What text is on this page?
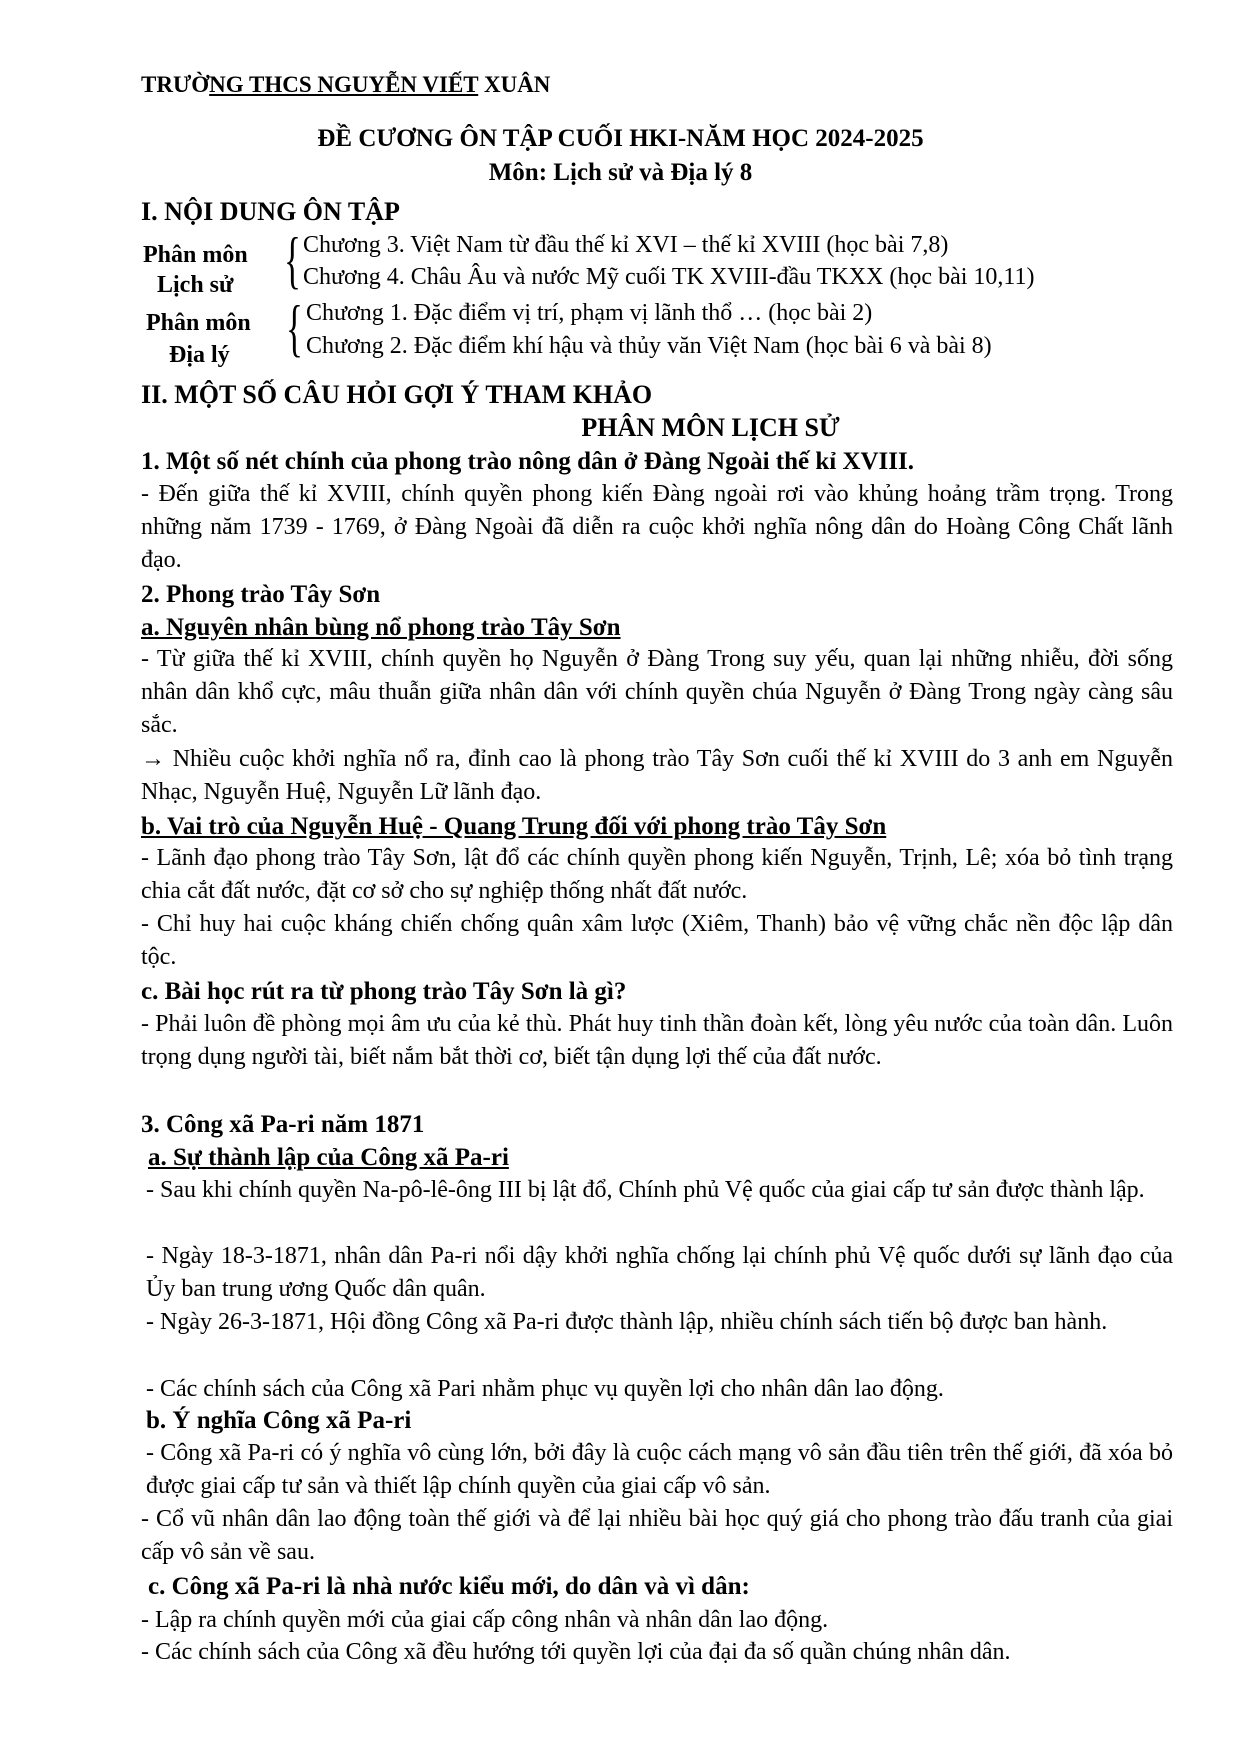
TRƯỜNG THCS NGUYỄN VIẾT XUÂN
ĐỀ CƯƠNG ÔN TẬP CUỐI HKI-NĂM HỌC 2024-2025
Môn: Lịch sử và Địa lý 8
I. NỘI DUNG ÔN TẬP
Phân môn
Lịch sử { Chương 3. Việt Nam từ đầu thế kỉ XVI – thế kỉ XVIII (học bài 7,8)
Chương 4. Châu Âu và nước Mỹ cuối TK XVIII-đầu TKXX (học bài 10,11)
Phân môn
Địa lý { Chương 1. Đặc điểm vị trí, phạm vị lãnh thổ … (học bài 2)
Chương 2. Đặc điểm khí hậu và thủy văn Việt Nam (học bài 6 và bài 8)
II. MỘT SỐ CÂU HỎI GỢI Ý THAM KHẢO
PHÂN MÔN LỊCH SỬ
1. Một số nét chính của phong trào nông dân ở Đàng Ngoài thế kỉ XVIII.
- Đến giữa thế kỉ XVIII, chính quyền phong kiến Đàng ngoài rơi vào khủng hoảng trầm trọng. Trong những năm 1739 - 1769, ở Đàng Ngoài đã diễn ra cuộc khởi nghĩa nông dân do Hoàng Công Chất lãnh đạo.
2. Phong trào Tây Sơn
a. Nguyên nhân bùng nổ phong trào Tây Sơn
- Từ giữa thế kỉ XVIII, chính quyền họ Nguyễn ở Đàng Trong suy yếu, quan lại những nhiễu, đời sống nhân dân khổ cực, mâu thuẫn giữa nhân dân với chính quyền chúa Nguyễn ở Đàng Trong ngày càng sâu sắc.
→ Nhiều cuộc khởi nghĩa nổ ra, đỉnh cao là phong trào Tây Sơn cuối thế kỉ XVIII do 3 anh em Nguyễn Nhạc, Nguyễn Huệ, Nguyễn Lữ lãnh đạo.
b. Vai trò của Nguyễn Huệ - Quang Trung đối với phong trào Tây Sơn
- Lãnh đạo phong trào Tây Sơn, lật đổ các chính quyền phong kiến Nguyễn, Trịnh, Lê; xóa bỏ tình trạng chia cắt đất nước, đặt cơ sở cho sự nghiệp thống nhất đất nước.
- Chỉ huy hai cuộc kháng chiến chống quân xâm lược (Xiêm, Thanh) bảo vệ vững chắc nền độc lập dân tộc.
c. Bài học rút ra từ phong trào Tây Sơn là gì?
- Phải luôn đề phòng mọi âm ưu của kẻ thù. Phát huy tinh thần đoàn kết, lòng yêu nước của toàn dân. Luôn trọng dụng người tài, biết nắm bắt thời cơ, biết tận dụng lợi thế của đất nước.
3. Công xã Pa-ri năm 1871
a. Sự thành lập của Công xã Pa-ri
- Sau khi chính quyền Na-pô-lê-ông III bị lật đổ, Chính phủ Vệ quốc của giai cấp tư sản được thành lập.
- Ngày 18-3-1871, nhân dân Pa-ri nổi dậy khởi nghĩa chống lại chính phủ Vệ quốc dưới sự lãnh đạo của Ủy ban trung ương Quốc dân quân.
- Ngày 26-3-1871, Hội đồng Công xã Pa-ri được thành lập, nhiều chính sách tiến bộ được ban hành.
- Các chính sách của Công xã Pari nhằm phục vụ quyền lợi cho nhân dân lao động.
b. Ý nghĩa Công xã Pa-ri
- Công xã Pa-ri có ý nghĩa vô cùng lớn, bởi đây là cuộc cách mạng vô sản đầu tiên trên thế giới, đã xóa bỏ được giai cấp tư sản và thiết lập chính quyền của giai cấp vô sản.
- Cổ vũ nhân dân lao động toàn thế giới và để lại nhiều bài học quý giá cho phong trào đấu tranh của giai cấp vô sản về sau.
c. Công xã Pa-ri là nhà nước kiểu mới, do dân và vì dân:
- Lập ra chính quyền mới của giai cấp công nhân và nhân dân lao động.
- Các chính sách của Công xã đều hướng tới quyền lợi của đại đa số quần chúng nhân dân.
